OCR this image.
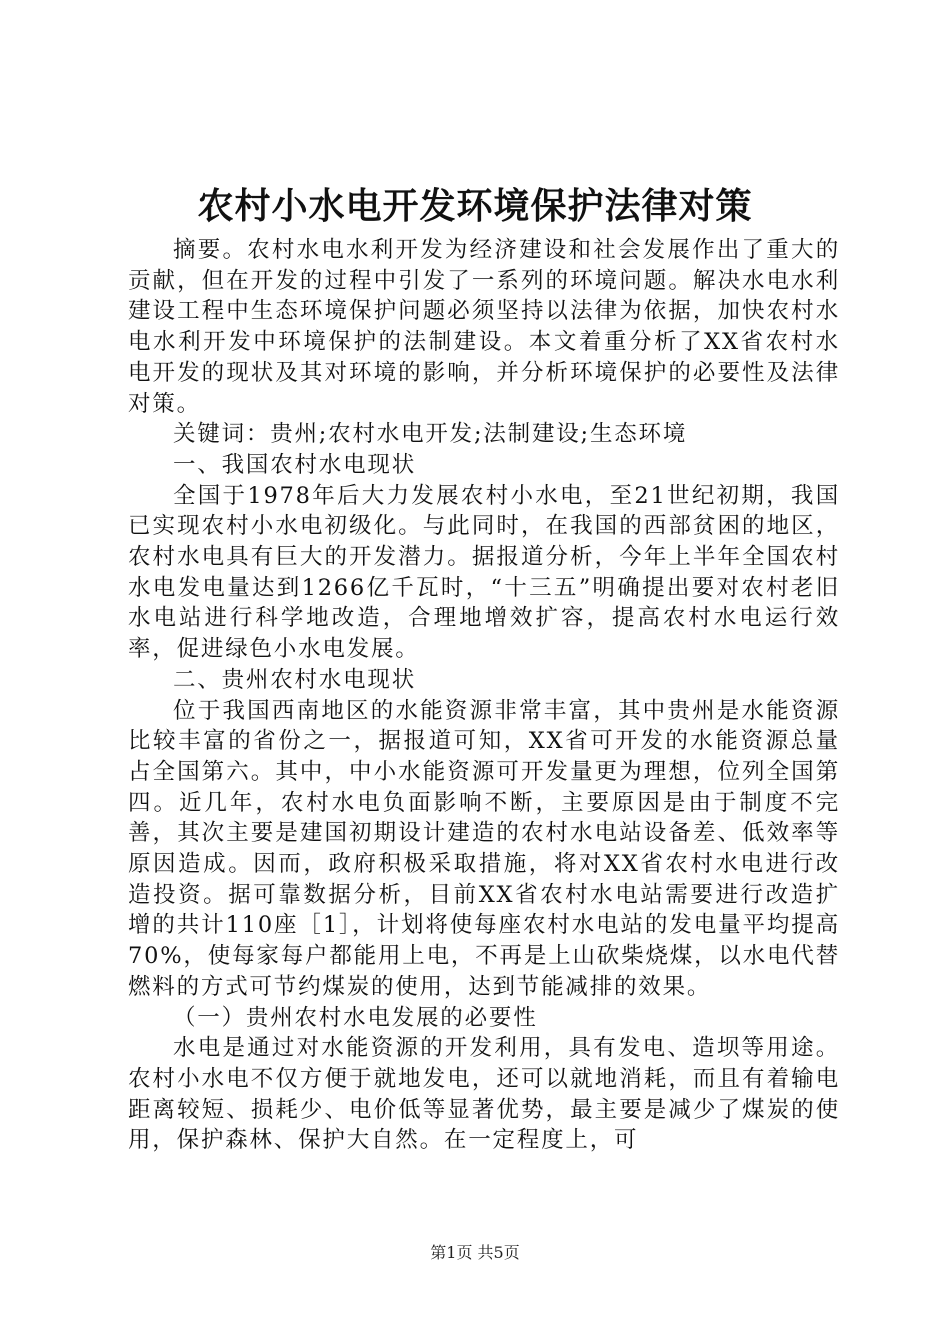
农村小水电开发环境保护法律对策

摘要。农村水电水利开发为经济建设和社会发展作出了重大的贡献，但在开发的过程中引发了一系列的环境问题。解决水电水利建设工程中生态环境保护问题必须坚持以法律为依据，加快农村水电水利开发中环境保护的法制建设。本文着重分析了XX省农村水电开发的现状及其对环境的影响，并分析环境保护的必要性及法律对策。

关键词：贵州;农村水电开发;法制建设;生态环境

一、我国农村水电现状

全国于1978年后大力发展农村小水电，至21世纪初期，我国已实现农村小水电初级化。与此同时，在我国的西部贫困的地区，农村水电具有巨大的开发潜力。据报道分析，今年上半年全国农村水电发电量达到1266亿千瓦时，“十三五”明确提出要对农村老旧水电站进行科学地改造，合理地增效扩容，提高农村水电运行效率，促进绿色小水电发展。

二、贵州农村水电现状

位于我国西南地区的水能资源非常丰富，其中贵州是水能资源比较丰富的省份之一，据报道可知，XX省可开发的水能资源总量占全国第六。其中，中小水能资源可开发量更为理想，位列全国第四。近几年，农村水电负面影响不断，主要原因是由于制度不完善，其次主要是建国初期设计建造的农村水电站设备差、低效率等原因造成。因而，政府积极采取措施，将对XX省农村水电进行改造投资。据可靠数据分析，目前XX省农村水电站需要进行改造扩增的共计110座［1］，计划将使每座农村水电站的发电量平均提高70%，使每家每户都能用上电，不再是上山砍柴烧煤，以水电代替燃料的方式可节约煤炭的使用，达到节能减排的效果。

（一）贵州农村水电发展的必要性

水电是通过对水能资源的开发利用，具有发电、造坝等用途。农村小水电不仅方便于就地发电，还可以就地消耗，而且有着输电距离较短、损耗少、电价低等显著优势，最主要是减少了煤炭的使用，保护森林、保护大自然。在一定程度上，可

第1页 共5页
